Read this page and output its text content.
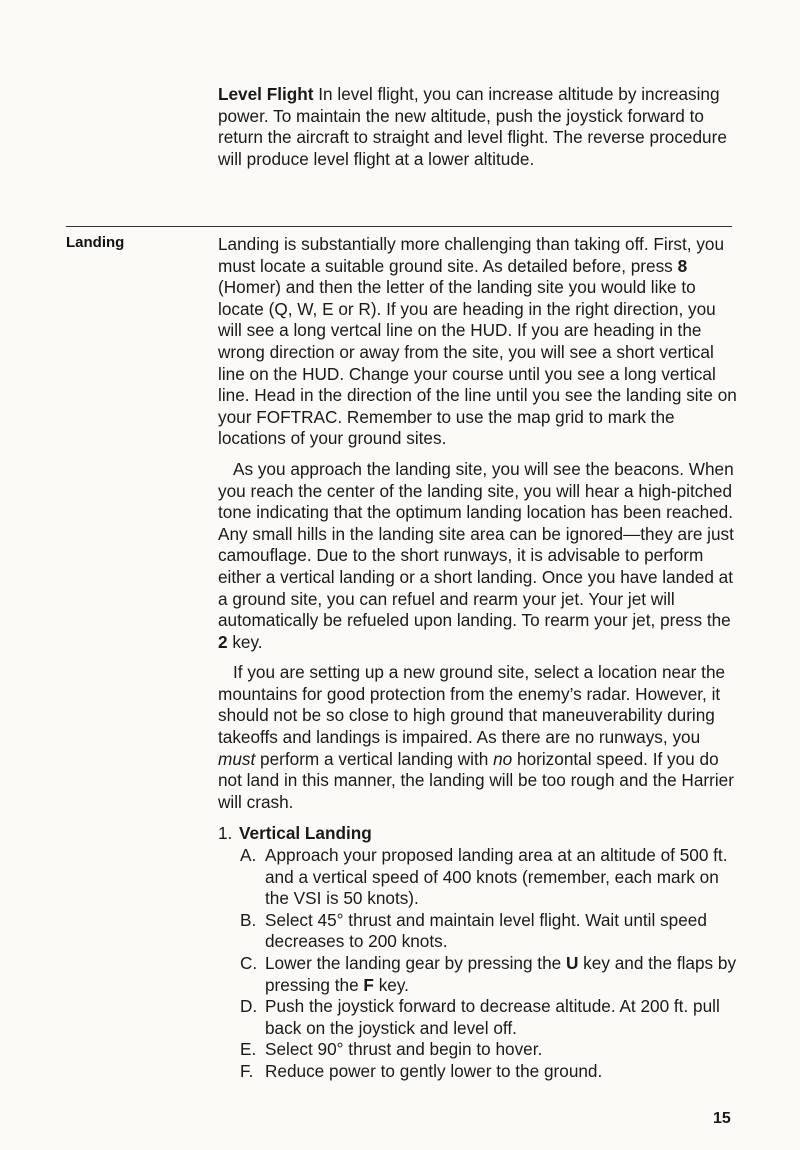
Level Flight In level flight, you can increase altitude by increasing power. To maintain the new altitude, push the joystick forward to return the aircraft to straight and level flight. The reverse procedure will produce level flight at a lower altitude.

Landing	Landing is substantially more challenging than taking off. First, you must locate a suitable ground site. As detailed before, press 8 (Homer) and then the letter of the landing site you would like to locate (Q, W, E or R). If you are heading in the right direction, you will see a long vertcal line on the HUD. If you are heading in the wrong direction or away from the site, you will see a short vertical line on the HUD. Change your course until you see a long vertical line. Head in the direction of the line until you see the landing site on your FOFTRAC. Remember to use the map grid to mark the locations of your ground sites.

As you approach the landing site, you will see the beacons. When you reach the center of the landing site, you will hear a high-pitched tone indicating that the optimum landing location has been reached. Any small hills in the landing site area can be ignored—they are just camouflage. Due to the short runways, it is advisable to perform either a vertical landing or a short landing. Once you have landed at a ground site, you can refuel and rearm your jet. Your jet will automatically be refueled upon landing. To rearm your jet, press the 2 key.

If you are setting up a new ground site, select a location near the mountains for good protection from the enemy’s radar. However, it should not be so close to high ground that maneuverability during takeoffs and landings is impaired. As there are no runways, you must perform a vertical landing with no horizontal speed. If you do not land in this manner, the landing will be too rough and the Harrier will crash.

1. Vertical Landing
A. Approach your proposed landing area at an altitude of 500 ft. and a vertical speed of 400 knots (remember, each mark on the VSI is 50 knots).
B. Select 45° thrust and maintain level flight. Wait until speed decreases to 200 knots.
C. Lower the landing gear by pressing the U key and the flaps by pressing the F key.
D. Push the joystick forward to decrease altitude. At 200 ft. pull back on the joystick and level off.
E. Select 90° thrust and begin to hover.
F. Reduce power to gently lower to the ground.
15
